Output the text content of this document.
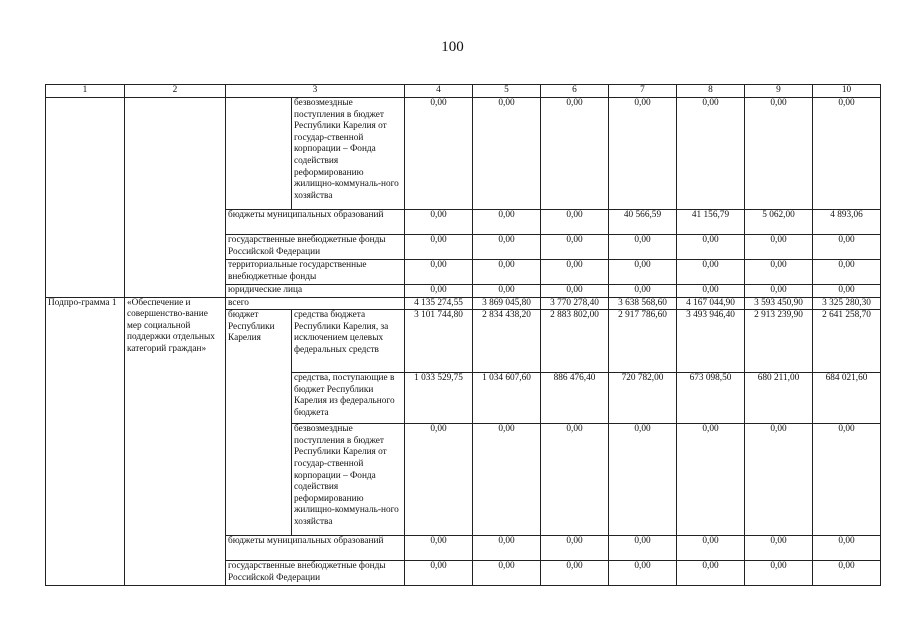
100
1	2	3		4	5	6	7	8	9	10
			безвозмездные поступления в бюджет Республики Карелия от государ-ственной корпорации – Фонда содействия реформированию жилищно-коммуналь-ного хозяйства	0,00	0,00	0,00	0,00	0,00	0,00	0,00
		бюджеты муниципальных образований		0,00	0,00	0,00	40 566,59	41 156,79	5 062,00	4 893,06
		государственные внебюджетные фонды Российской Федерации		0,00	0,00	0,00	0,00	0,00	0,00	0,00
		территориальные государственные внебюджетные фонды		0,00	0,00	0,00	0,00	0,00	0,00	0,00
		юридические лица		0,00	0,00	0,00	0,00	0,00	0,00	0,00
Подпро-грамма 1	«Обеспечение и совершенство-вание мер социальной поддержки отдельных категорий граждан»	всего		4 135 274,55	3 869 045,80	3 770 278,40	3 638 568,60	4 167 044,90	3 593 450,90	3 325 280,30
		бюджет Республики Карелия	средства бюджета Республики Карелия, за исключением целевых федеральных средств	3 101 744,80	2 834 438,20	2 883 802,00	2 917 786,60	3 493 946,40	2 913 239,90	2 641 258,70
			средства, поступающие в бюджет Республики Карелия из федерального бюджета	1 033 529,75	1 034 607,60	886 476,40	720 782,00	673 098,50	680 211,00	684 021,60
			безвозмездные поступления в бюджет Республики Карелия от государ-ственной корпорации – Фонда содействия реформированию жилищно-коммуналь-ного хозяйства	0,00	0,00	0,00	0,00	0,00	0,00	0,00
		бюджеты муниципальных образований		0,00	0,00	0,00	0,00	0,00	0,00	0,00
		государственные внебюджетные фонды Российской Федерации		0,00	0,00	0,00	0,00	0,00	0,00	0,00
